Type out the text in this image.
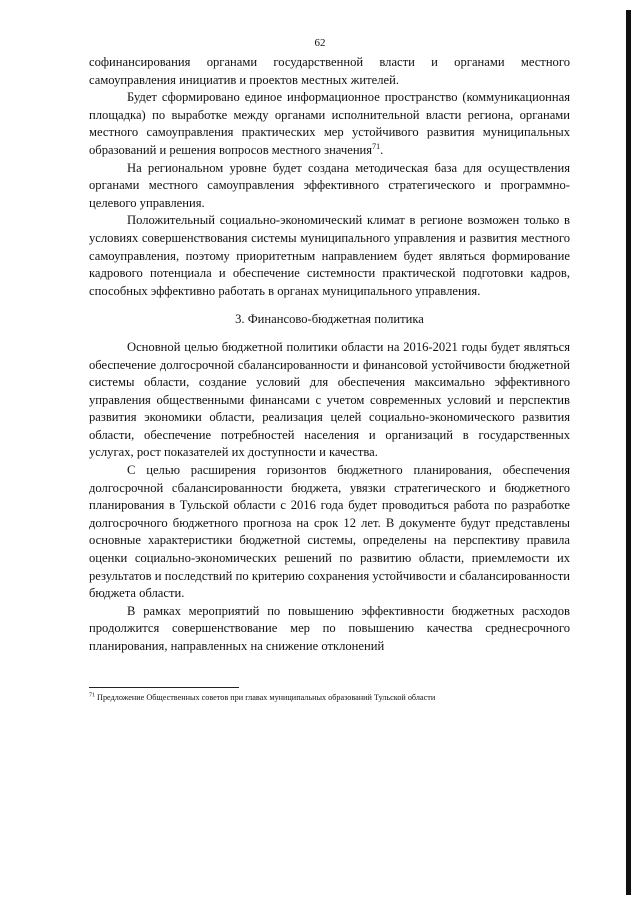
62

софинансирования органами государственной власти и органами местного самоуправления инициатив и проектов местных жителей.

Будет сформировано единое информационное пространство (коммуникационная площадка) по выработке между органами исполнительной власти региона, органами местного самоуправления практических мер устойчивого развития муниципальных образований и решения вопросов местного значения$^{71}$.

На региональном уровне будет создана методическая база для осуществления органами местного самоуправления эффективного стратегического и программно-целевого управления.

Положительный социально-экономический климат в регионе возможен только в условиях совершенствования системы муниципального управления и развития местного самоуправления, поэтому приоритетным направлением будет являться формирование кадрового потенциала и обеспечение системности практической подготовки кадров, способных эффективно работать в органах муниципального управления.

3. Финансово-бюджетная политика

Основной целью бюджетной политики области на 2016-2021 годы будет являться обеспечение долгосрочной сбалансированности и финансовой устойчивости бюджетной системы области, создание условий для обеспечения максимально эффективного управления общественными финансами с учетом современных условий и перспектив развития экономики области, реализация целей социально-экономического развития области, обеспечение потребностей населения и организаций в государственных услугах, рост показателей их доступности и качества.

С целью расширения горизонтов бюджетного планирования, обеспечения долгосрочной сбалансированности бюджета, увязки стратегического и бюджетного планирования в Тульской области с 2016 года будет проводиться работа по разработке долгосрочного бюджетного прогноза на срок 12 лет. В документе будут представлены основные характеристики бюджетной системы, определены на перспективу правила оценки социально-экономических решений по развитию области, приемлемости их результатов и последствий по критерию сохранения устойчивости и сбалансированности бюджета области.

В рамках мероприятий по повышению эффективности бюджетных расходов продолжится совершенствование мер по повышению качества среднесрочного планирования, направленных на снижение отклонений

$^{71}$ Предложение Общественных советов при главах муниципальных образований Тульской области
